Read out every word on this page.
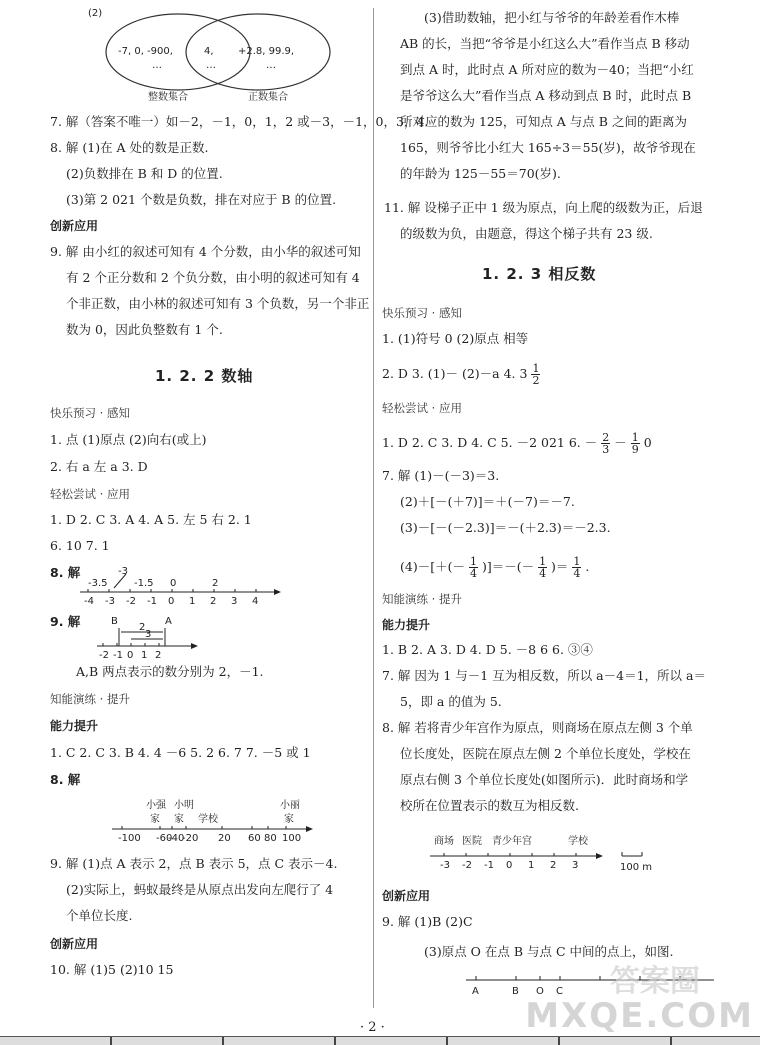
(2)
-7, 0, -900,
…
4,
…
+2.8, 99.9,
…
整数集合	正数集合
7. 解（答案不唯一）如－2，－1，0，1，2 或－3，－1，0，3，4.
8. 解 (1)在 A 处的数是正数.
(2)负数排在 B 和 D 的位置.
(3)第 2 021 个数是负数，排在对应于 B 的位置.
创新应用
9. 解 由小红的叙述可知有 4 个分数，由小华的叙述可知
有 2 个正分数和 2 个负分数，由小明的叙述可知有 4
个非正数，由小林的叙述可知有 3 个负数，另一个非正
数为 0，因此负整数有 1 个.
1. 2. 2 数轴
快乐预习 · 感知
1. 点 (1)原点 (2)向右(或上)
2. 右 a 左 a 3. D
轻松尝试 · 应用
1. D 2. C 3. A 4. A 5. 左 5 右 2. 1
6. 10 7. 1
8. 解
-4 -3 -2 -1 0 1 2 3 4
-3.5
-3
-1.5 0	2
9. 解	B
2
3
A
-2 -1 0 1 2
A,B 两点表示的数分别为 2，－1.
知能演练 · 提升
能力提升
1. C 2. C 3. B 4. 4 －6 5. 2 6. 7 7. －5 或 1
8. 解
小强 小明	小丽
家 家 学校	家
-100 -60
-40
-20 20 60 80 100
9. 解 (1)点 A 表示 2，点 B 表示 5，点 C 表示－4.
(2)实际上，蚂蚁最终是从原点出发向左爬行了 4
个单位长度.
创新应用
10. 解 (1)5 (2)10 15
(3)借助数轴，把小红与爷爷的年龄差看作木棒
AB 的长，当把“爷爷是小红这么大”看作当点 B 移动
到点 A 时，此时点 A 所对应的数为－40；当把“小红
是爷爷这么大”看作当点 A 移动到点 B 时，此时点 B
所对应的数为 125，可知点 A 与点 B 之间的距离为
165，则爷爷比小红大 165÷3＝55(岁)，故爷爷现在
的年龄为 125－55＝70(岁).
11. 解 设梯子正中 1 级为原点，向上爬的级数为正，后退
的级数为负，由题意，得这个梯子共有 23 级.
1. 2. 3 相反数
快乐预习 · 感知
1. (1)符号 0 (2)原点 相等
2. D 3. (1)－ (2)－a 4. $3 \frac{1}{2}$
轻松尝试 · 应用
1. D 2. C 3. D 4. C 5. －2 021 6. － $\frac{2}{3} - \frac{1}{9} 0$
7. 解 (1)－(－3)＝3.
(2)＋[－(＋7)]＝＋(－7)＝－7.
(3)－[－(－2.3)]＝－(＋2.3)＝－2.3.
$(4)-[+(- \frac{1}{4}$ )]＝－(－ $\frac{1}{4}$ )＝ $\frac{1}{4}$ .
知能演练 · 提升
能力提升
1. B 2. A 3. D 4. D 5. －8 6 6. ③④
7. 解 因为 1 与－1 互为相反数，所以 a－4＝1，所以 a＝
5，即 a 的值为 5.
8. 解 若将青少年宫作为原点，则商场在原点左侧 3 个单
位长度处，医院在原点左侧 2 个单位长度处，学校在
原点右侧 3 个单位长度处(如图所示)．此时商场和学
校所在位置表示的数互为相反数.
商场 医院 青少年宫	学校
-3 -2 -1 0 1 2 3	100 m
创新应用
9. 解 (1)B (2)C
(3)原点 O 在点 B 与点 C 中间的点上，如图.
A	B O C
· 2 ·
答案圈
MXQE.COM
